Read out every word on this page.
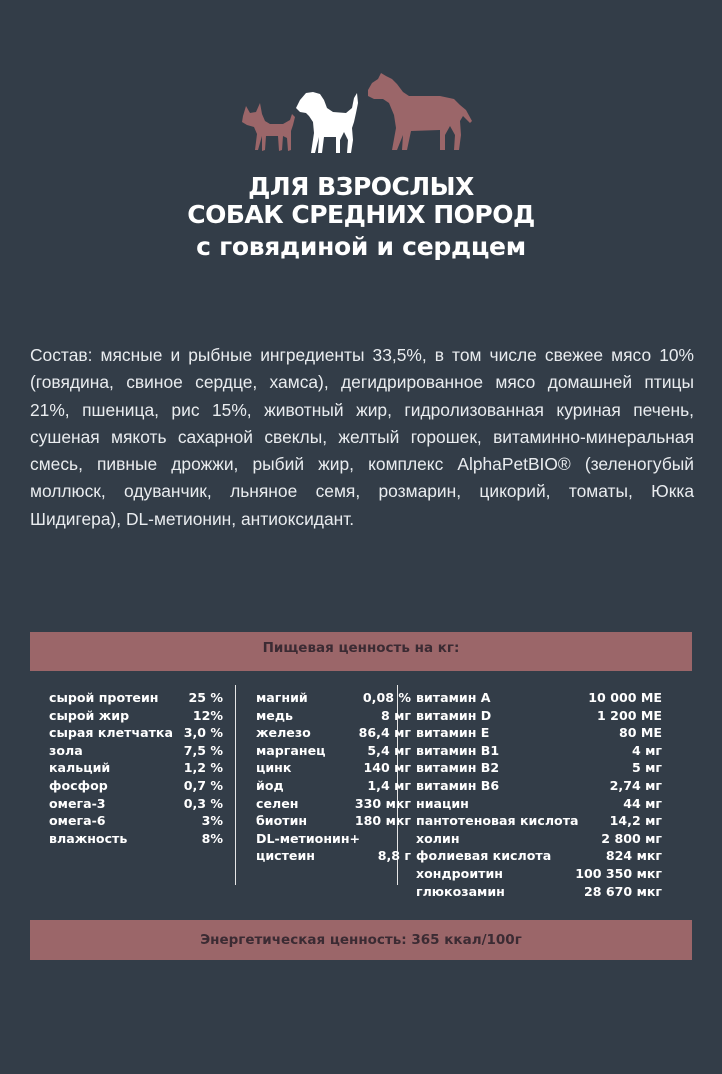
ДЛЯ ВЗРОСЛЫХ
СОБАК СРЕДНИХ ПОРОД
с говядиной и сердцем
Состав: мясные и рыбные ингредиенты 33,5%, в том числе свежее мясо 10%
(говядина, свиное сердце, хамса), дегидрированное мясо домашней птицы
21%, пшеница, рис 15%, животный жир, гидролизованная куриная печень,
сушеная мякоть сахарной свеклы, желтый горошек, витаминно-минеральная
смесь, пивные дрожжи, рыбий жир, комплекс AlphaPetBIO® (зеленогубый
моллюск, одуванчик, льняное семя, розмарин, цикорий, томаты, Юкка
Шидигера), DL-метионин, антиоксидант.
Пищевая ценность на кг:
сырой протеин 25 %
сырой жир	12%
сырая клетчатка 3,0 %
зола	7,5 %
кальций	1,2 %
фосфор	0,7 %
омега-3	0,3 %
омега-6	3%
влажность	8%
магний	0,08 %
медь	8 мг
железо	86,4 мг
марганец	5,4 мг
цинк	140 мг
йод	1,4 мг
селен	330 мкг
биотин	180 мкг
DL-метионин+
цистеин	8,8 г
витамин А	10 000 МЕ
витамин D	1 200 МЕ
витамин Е	80 МЕ
витамин В1	4 мг
витамин В2	5 мг
витамин В6	2,74 мг
ниацин	44 мг
пантотеновая кислота 14,2 мг
холин	2 800 мг
фолиевая кислота	824 мкг
хондроитин	100 350 мкг
глюкозамин	28 670 мкг
Энергетическая ценность: 365 ккал/100г
